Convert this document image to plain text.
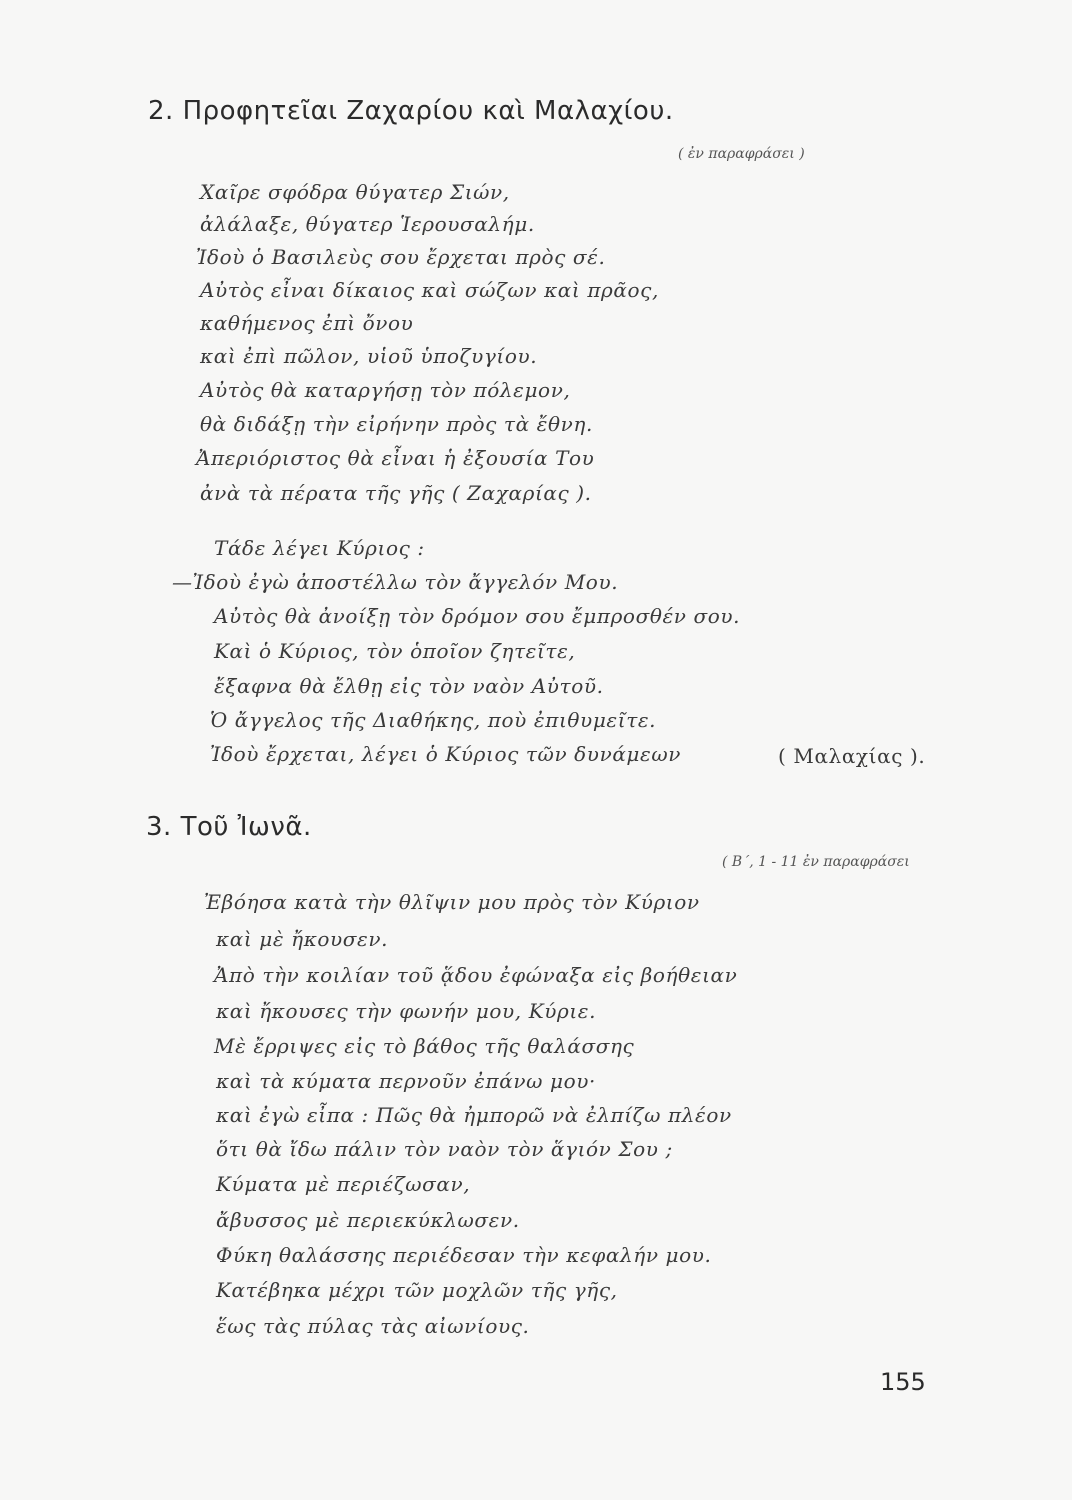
2. Προφητεῖαι Ζαχαρίου καὶ Μαλαχίου.
( ἐν παραφράσει )
Χαῖρε σφόδρα θύγατερ Σιών,
ἀλάλαξε, θύγατερ Ἱερουσαλήμ.
Ἰδοὺ ὁ Βασιλεὺς σου ἔρχεται πρὸς σέ.
Αὐτὸς εἶναι δίκαιος καὶ σώζων καὶ πρᾶος,
καθήμενος ἐπὶ ὄνου
καὶ ἐπὶ πῶλον, υἱοῦ ὑποζυγίου.
Αὐτὸς θὰ καταργήσῃ τὸν πόλεμον,
θὰ διδάξῃ τὴν εἰρήνην πρὸς τὰ ἔθνη.
Ἀπεριόριστος θὰ εἶναι ἡ ἐξουσία Του
ἀνὰ τὰ πέρατα τῆς γῆς ( Ζαχαρίας ).
Τάδε λέγει Κύριος :
—Ἰδοὺ ἐγὼ ἀποστέλλω τὸν ἄγγελόν Μου.
Αὐτὸς θὰ ἀνοίξῃ τὸν δρόμον σου ἔμπροσθέν σου.
Καὶ ὁ Κύριος, τὸν ὁποῖον ζητεῖτε,
ἔξαφνα θὰ ἔλθῃ εἰς τὸν ναὸν Αὐτοῦ.
Ὁ ἄγγελος τῆς Διαθήκης, ποὺ ἐπιθυμεῖτε.
Ἰδοὺ ἔρχεται, λέγει ὁ Κύριος τῶν δυνάμεων	( Μαλαχίας ).
3. Τοῦ Ἰωνᾶ.
( Β΄, 1 - 11 ἐν παραφράσει
Ἐβόησα κατὰ τὴν θλῖψιν μου πρὸς τὸν Κύριον
καὶ μὲ ἤκουσεν.
Ἀπὸ τὴν κοιλίαν τοῦ ᾅδου ἐφώναξα εἰς βοήθειαν
καὶ ἤκουσες τὴν φωνήν μου, Κύριε.
Μὲ ἔρριψες εἰς τὸ βάθος τῆς θαλάσσης
καὶ τὰ κύματα περνοῦν ἐπάνω μου·
καὶ ἐγὼ εἶπα : Πῶς θὰ ἠμπορῶ νὰ ἐλπίζω πλέον
ὅτι θὰ ἴδω πάλιν τὸν ναὸν τὸν ἅγιόν Σου ;
Κύματα μὲ περιέζωσαν,
ἄβυσσος μὲ περιεκύκλωσεν.
Φύκη θαλάσσης περιέδεσαν τὴν κεφαλήν μου.
Κατέβηκα μέχρι τῶν μοχλῶν τῆς γῆς,
ἕως τὰς πύλας τὰς αἰωνίους.
155
